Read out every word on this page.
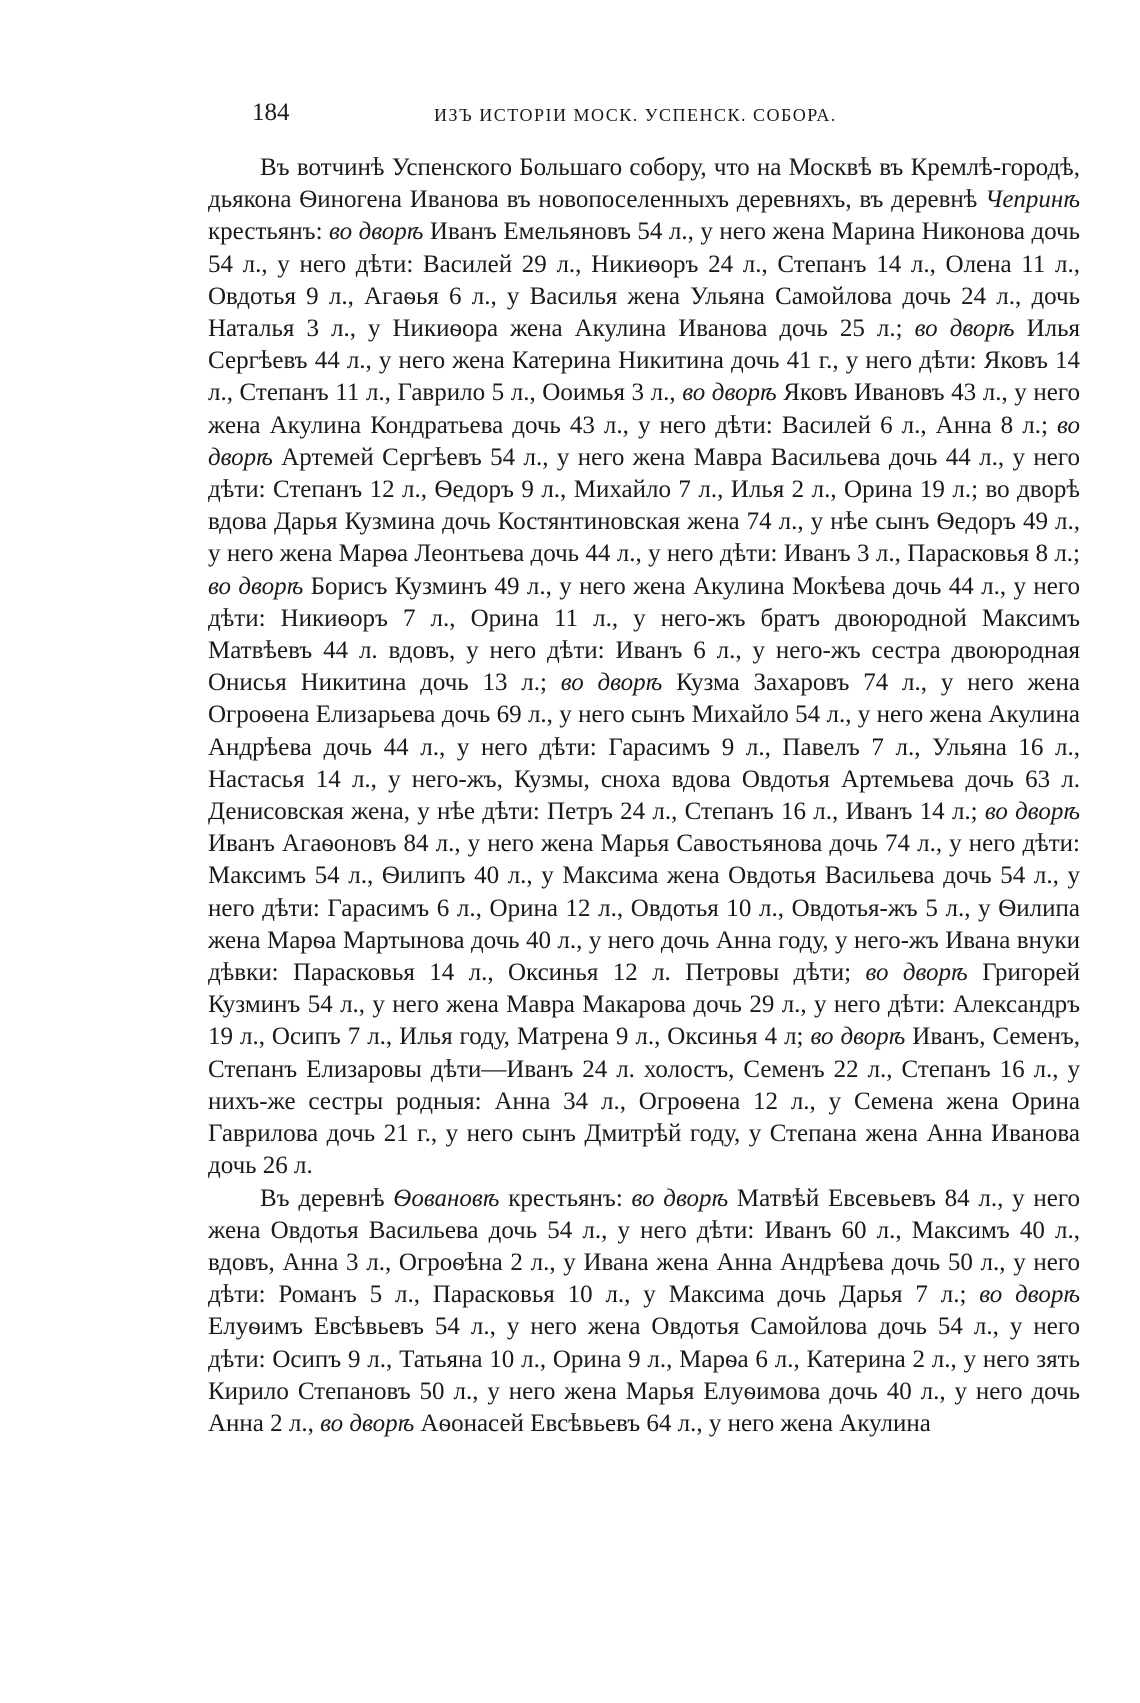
184	ИЗЪ ИСТОРІИ МОСК. УСПЕНСК. СОБОРА.

Въ вотчинѣ Успенского Большаго собору, что на Москвѣ въ Кремлѣ-городѣ, дьякона Ѳиногена Иванова въ новопоселенныхъ деревняхъ, въ деревнѣ Чепринѣ крестьянъ: во дворѣ Иванъ Емельяновъ 54 л., у него жена Марина Никонова дочь 54 л., у него дѣти: Василей 29 л., Никиѳоръ 24 л., Степанъ 14 л., Олена 11 л., Овдотья 9 л., Агаѳья 6 л., у Василья жена Ульяна Самойлова дочь 24 л., дочь Наталья 3 л., у Никиѳора жена Акулина Иванова дочь 25 л.; во дворѣ Илья Сергѣевъ 44 л., у него жена Катерина Никитина дочь 41 г., у него дѣти: Яковъ 14 л., Степанъ 11 л., Гаврило 5 л., Ооимья 3 л., во дворѣ Яковъ Ивановъ 43 л., у него жена Акулина Кондратьева дочь 43 л., у него дѣти: Василей 6 л., Анна 8 л.; во дворѣ Артемей Сергѣевъ 54 л., у него жена Мавра Васильева дочь 44 л., у него дѣти: Степанъ 12 л., Ѳедоръ 9 л., Михайло 7 л., Илья 2 л., Орина 19 л.; во дворѣ вдова Дарья Кузмина дочь Костянтиновская жена 74 л., у нѣе сынъ Ѳедоръ 49 л., у него жена Марѳа Леонтьева дочь 44 л., у него дѣти: Иванъ 3 л., Парасковья 8 л.; во дворѣ Борисъ Кузминъ 49 л., у него жена Акулина Мокѣева дочь 44 л., у него дѣти: Никиѳоръ 7 л., Орина 11 л., у него-жъ братъ двоюродной Максимъ Матвѣевъ 44 л. вдовъ, у него дѣти: Иванъ 6 л., у него-жъ сестра двоюродная Онисья Никитина дочь 13 л.; во дворѣ Кузма Захаровъ 74 л., у него жена Огроѳена Елизарьева дочь 69 л., у него сынъ Михайло 54 л., у него жена Акулина Андрѣева дочь 44 л., у него дѣти: Гарасимъ 9 л., Павелъ 7 л., Ульяна 16 л., Настасья 14 л., у него-жъ, Кузмы, сноха вдова Овдотья Артемьева дочь 63 л. Денисовская жена, у нѣе дѣти: Петръ 24 л., Степанъ 16 л., Иванъ 14 л.; во дворѣ Иванъ Агаѳоновъ 84 л., у него жена Марья Савостьянова дочь 74 л., у него дѣти: Максимъ 54 л., Ѳилипъ 40 л., у Максима жена Овдотья Васильева дочь 54 л., у него дѣти: Гарасимъ 6 л., Орина 12 л., Овдотья 10 л., Овдотья-жъ 5 л., у Ѳилипа жена Марѳа Мартынова дочь 40 л., у него дочь Анна году, у него-жъ Ивана внуки дѣвки: Парасковья 14 л., Оксинья 12 л. Петровы дѣти; во дворѣ Григорей Кузминъ 54 л., у него жена Мавра Макарова дочь 29 л., у него дѣти: Александръ 19 л., Осипъ 7 л., Илья году, Матрена 9 л., Оксинья 4 л; во дворѣ Иванъ, Семенъ, Степанъ Елизаровы дѣти—Иванъ 24 л. холостъ, Семенъ 22 л., Степанъ 16 л., у нихъ-же сестры родныя: Анна 34 л., Огроѳена 12 л., у Семена жена Орина Гаврилова дочь 21 г., у него сынъ Дмитрѣй году, у Степана жена Анна Иванова дочь 26 л.

Въ деревнѣ Ѳовановѣ крестьянъ: во дворѣ Матвѣй Евсевьевъ 84 л., у него жена Овдотья Васильева дочь 54 л., у него дѣти: Иванъ 60 л., Максимъ 40 л., вдовъ, Анна 3 л., Огроѳѣна 2 л., у Ивана жена Анна Андрѣева дочь 50 л., у него дѣти: Романъ 5 л., Парасковья 10 л., у Максима дочь Дарья 7 л.; во дворѣ Елуѳимъ Евсѣвьевъ 54 л., у него жена Овдотья Самойлова дочь 54 л., у него дѣти: Осипъ 9 л., Татьяна 10 л., Орина 9 л., Марѳа 6 л., Катерина 2 л., у него зять Кирило Степановъ 50 л., у него жена Марья Елуѳимова дочь 40 л., у него дочь Анна 2 л., во дворѣ Аѳонасей Евсѣвьевъ 64 л., у него жена Акулина
